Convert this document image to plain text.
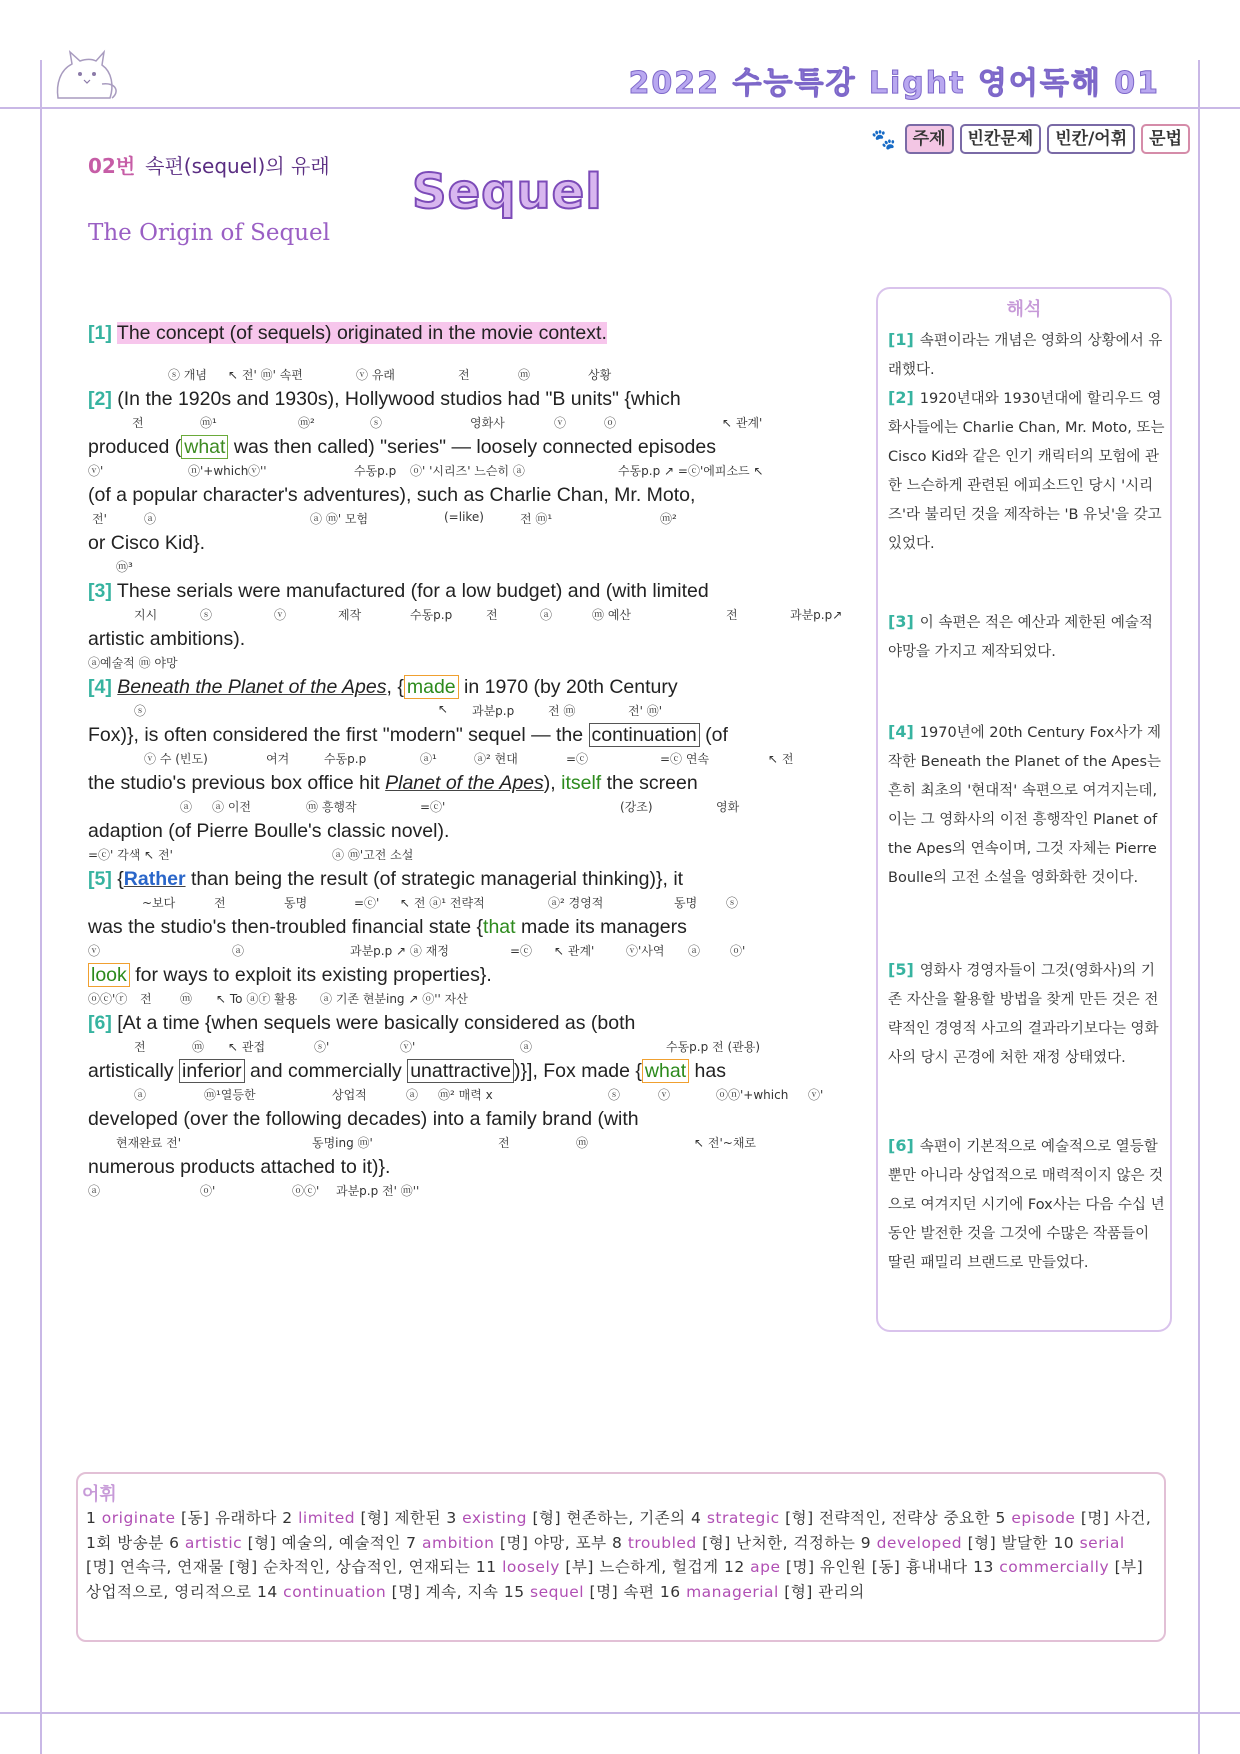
2022 수능특강 Light 영어독해 01
🐾 주제	빈칸문제	빈칸/어휘	문법
02번 속편(sequel)의 유래 Sequel
The Origin of Sequel
[1] The concept (of sequels) originated in the movie context.
ⓢ 개념 ↖ 전' ⓜ' 속편	ⓥ 유래	전	ⓜ	상황
[2] (In the 1920s and 1930s), Hollywood studios had "B units" {which
전	ⓜ¹	ⓜ²	ⓢ	영화사	ⓥ	ⓞ	↖ 관계'
produced ( what was then called) "series" — loosely connected episodes
ⓥ'	ⓝ'+which ⓥ''	수동p.p ⓞ' '시리즈' 느슨히 ⓐ	수동p.p ↗ =ⓒ'에피소드 ↖
(of a popular character's adventures), such as Charlie Chan, Mr. Moto,
전'	ⓐ	ⓐ ⓜ' 모험	(=like)	전 ⓜ¹	ⓜ²
or Cisco Kid}.
ⓜ³
[3] These serials were manufactured (for a low budget) and (with limited
지시	ⓢ	ⓥ	제작	수동p.p	전	ⓐ	ⓜ 예산	전	과분p.p↗
artistic ambitions).
ⓐ예술적 ⓜ 야망
[4] Beneath the Planet of the Apes, { made in 1970 (by 20th Century
ⓢ	↖ 과분p.p	전 ⓜ	전' ⓜ'
Fox)}, is often considered the first "modern" sequel — the continuation (of
ⓥ 수 (빈도)	여겨	수동p.p	ⓐ¹	ⓐ² 현대	=ⓒ	=ⓒ 연속	↖ 전
the studio's previous box office hit Planet of the Apes), itself the screen
ⓐ ⓐ 이전	ⓜ 흥행작	=ⓒ'	(강조)	영화
adaption (of Pierre Boulle's classic novel).
=ⓒ' 각색 ↖ 전'	ⓐ ⓜ'고전 소설
[5] {Rather than being the result (of strategic managerial thinking)}, it
~보다	전	동명	=ⓒ' ↖ 전 ⓐ¹ 전략적	ⓐ² 경영적	동명 ⓢ
was the studio's then-troubled financial state {that made its managers
ⓥ	ⓐ	과분p.p ↗ ⓐ 재정	=ⓒ ↖ 관계'	ⓥ'사역 ⓐ ⓞ'
look for ways to exploit its existing properties}.
ⓞⓒ'ⓡ 전 ⓜ ↖ To ⓐⓡ 활용 ⓐ 기존 현분ing ↗ ⓞ'' 자산
[6] [At a time {when sequels were basically considered as (both
전	ⓜ ↖ 관접	ⓢ'	ⓥ'	ⓐ	수동p.p 전 (관용)
artistically inferior and commercially unattractive )}], Fox made { what has
ⓐ	ⓜ¹열등한	상업적	ⓐ ⓜ² 매력 x	ⓢ	ⓥ	ⓞⓝ'+which ⓥ'
developed (over the following decades) into a family brand (with
현재완료 전'	동명ing ⓜ'	전	ⓜ	↖ 전'~채로
numerous products attached to it)}.
ⓐ	ⓞ'	ⓞⓒ' 과분p.p 전' ⓜ''
해석
[1] 속편이라는 개념은 영화의 상황에서 유래했다.
[2] 1920년대와 1930년대에 할리우드 영화사들에는 Charlie Chan, Mr. Moto, 또는 Cisco Kid와 같은 인기 캐릭터의 모험에 관한 느슨하게 관련된 에피소드인 당시 '시리즈'라 불리던 것을 제작하는 'B 유닛'을 갖고 있었다.
[3] 이 속편은 적은 예산과 제한된 예술적 야망을 가지고 제작되었다.
[4] 1970년에 20th Century Fox사가 제작한 Beneath the Planet of the Apes는 흔히 최초의 '현대적' 속편으로 여겨지는데, 이는 그 영화사의 이전 흥행작인 Planet of the Apes의 연속이며, 그것 자체는 Pierre Boulle의 고전 소설을 영화화한 것이다.
[5] 영화사 경영자들이 그것(영화사)의 기존 자산을 활용할 방법을 찾게 만든 것은 전략적인 경영적 사고의 결과라기보다는 영화사의 당시 곤경에 처한 재정 상태였다.
[6] 속편이 기본적으로 예술적으로 열등할 뿐만 아니라 상업적으로 매력적이지 않은 것으로 여겨지던 시기에 Fox사는 다음 수십 년 동안 발전한 것을 그것에 수많은 작품들이 딸린 패밀리 브랜드로 만들었다.
어휘
1 originate [동] 유래하다 2 limited [형] 제한된 3 existing [형] 현존하는, 기존의 4 strategic [형] 전략적인, 전략상 중요한 5 episode [명] 사건, 1회 방송분 6 artistic [형] 예술의, 예술적인 7 ambition [명] 야망, 포부 8 troubled [형] 난처한, 걱정하는 9 developed [형] 발달한 10 serial [명] 연속극, 연재물 [형] 순차적인, 상습적인, 연재되는 11 loosely [부] 느슨하게, 헐겁게 12 ape [명] 유인원 [동] 흉내내다 13 commercially [부] 상업적으로, 영리적으로 14 continuation [명] 계속, 지속 15 sequel [명] 속편 16 managerial [형] 관리의
